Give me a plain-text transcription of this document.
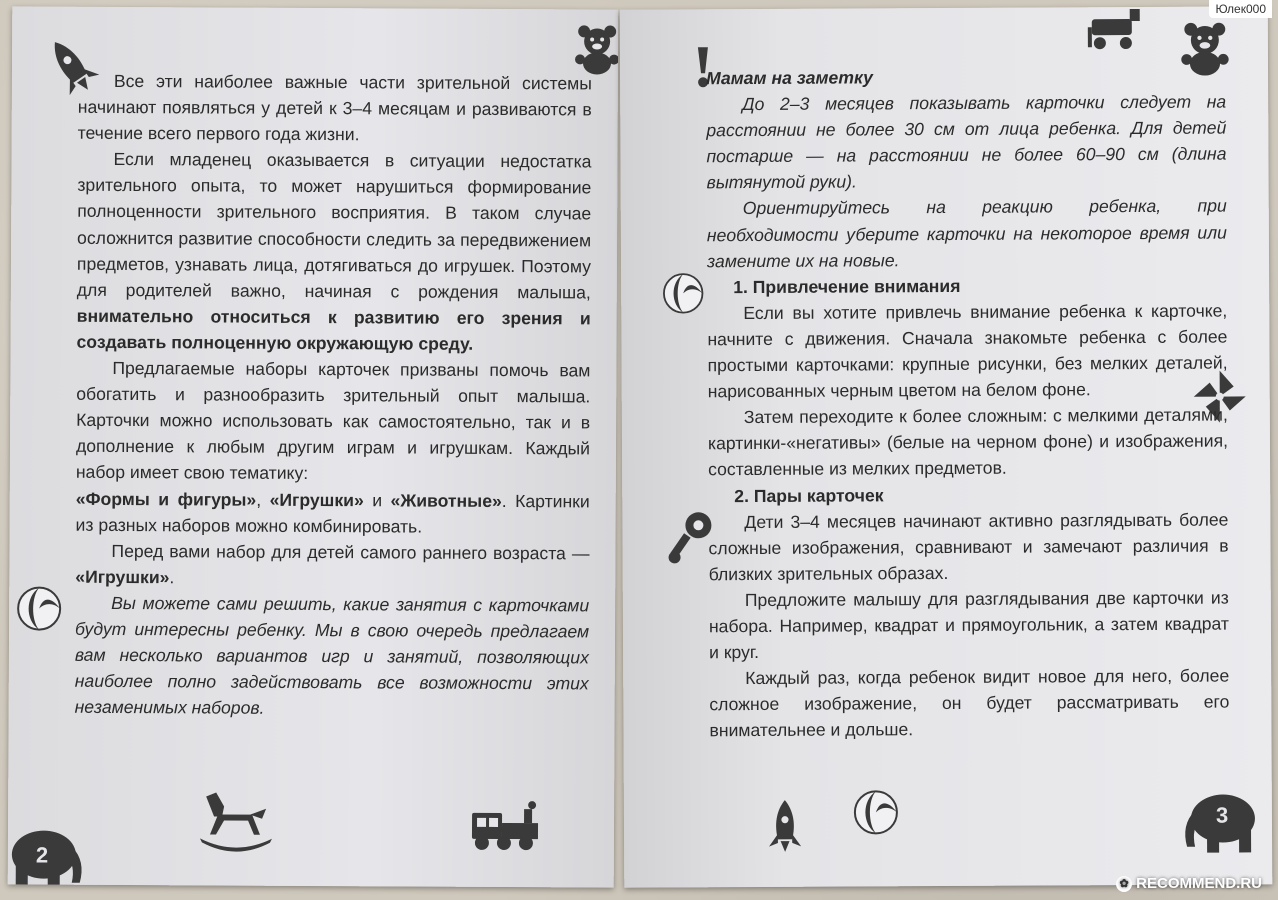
2

Все эти наиболее важные части зрительной системы начинают появляться у детей к 3–4 месяцам и развиваются в течение всего первого года жизни.

Если младенец оказывается в ситуации недостатка зрительного опыта, то может нарушиться формирование полноценности зрительного восприятия. В таком случае осложнится развитие способности следить за передвижением предметов, узнавать лица, дотягиваться до игрушек. Поэтому для родителей важно, начиная с рождения малыша, внимательно относиться к развитию его зрения и создавать полноценную окружающую среду.

Предлагаемые наборы карточек призваны помочь вам обогатить и разнообразить зрительный опыт малыша. Карточки можно использовать как самостоятельно, так и в дополнение к любым другим играм и игрушкам. Каждый набор имеет свою тематику:
«Формы и фигуры», «Игрушки» и «Животные». Картинки из разных наборов можно комбинировать.

Перед вами набор для детей самого раннего возраста — «Игрушки».

Вы можете сами решить, какие занятия с карточками будут интересны ребенку. Мы в свою очередь предлагаем вам несколько вариантов игр и занятий, позволяющих наиболее полно задействовать все возможности этих незаменимых наборов.

3

Мамам на заметку

До 2–3 месяцев показывать карточки следует на расстоянии не более 30 см от лица ребенка. Для детей постарше — на расстоянии не более 60–90 см (длина вытянутой руки).

Ориентируйтесь на реакцию ребенка, при необходимости уберите карточки на некоторое время или замените их на новые.

1. Привлечение внимания

Если вы хотите привлечь внимание ребенка к карточке, начните с движения. Сначала знакомьте ребенка с более простыми карточками: крупные рисунки, без мелких деталей, нарисованных черным цветом на белом фоне.

Затем переходите к более сложным: с мелкими деталями, картинки-«негативы» (белые на черном фоне) и изображения, составленные из мелких предметов.

2. Пары карточек

Дети 3–4 месяцев начинают активно разглядывать более сложные изображения, сравнивают и замечают различия в близких зрительных образах.

Предложите малышу для разглядывания две карточки из набора. Например, квадрат и прямоугольник, а затем квадрат и круг.

Каждый раз, когда ребенок видит новое для него, более сложное изображение, он будет рассматривать его внимательнее и дольше.

Юлек000
✿ RECOMMEND.RU
